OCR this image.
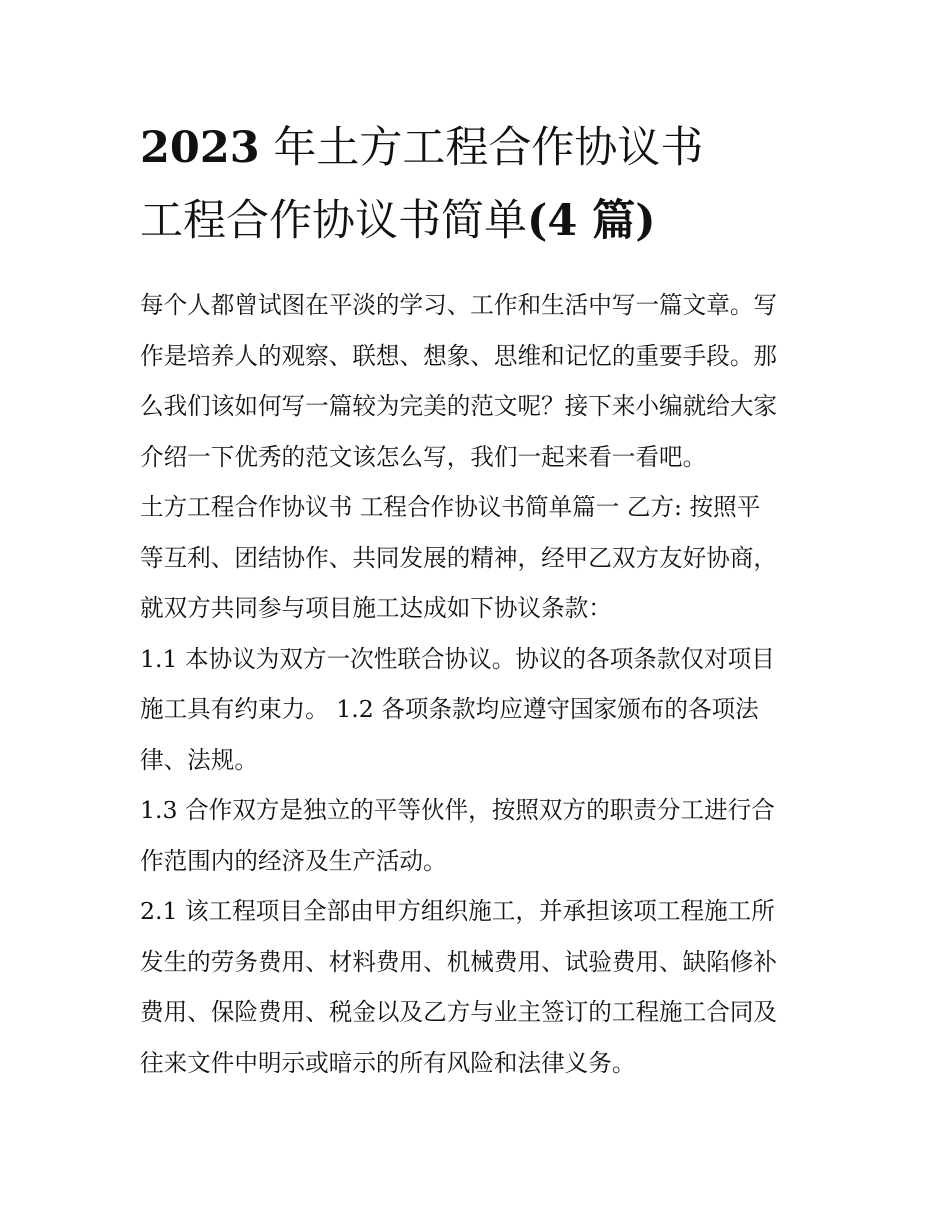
2023 年土方工程合作协议书
工程合作协议书简单(4 篇)

每个人都曾试图在平淡的学习、工作和生活中写一篇文章。写
作是培养人的观察、联想、想象、思维和记忆的重要手段。那
么我们该如何写一篇较为完美的范文呢？接下来小编就给大家
介绍一下优秀的范文该怎么写，我们一起来看一看吧。

土方工程合作协议书 工程合作协议书简单篇一 乙方: 按照平
等互利、团结协作、共同发展的精神，经甲乙双方友好协商，
就双方共同参与项目施工达成如下协议条款：

1.1 本协议为双方一次性联合协议。协议的各项条款仅对项目
施工具有约束力。 1.2 各项条款均应遵守国家颁布的各项法
律、法规。

1.3 合作双方是独立的平等伙伴，按照双方的职责分工进行合
作范围内的经济及生产活动。

2.1 该工程项目全部由甲方组织施工，并承担该项工程施工所
发生的劳务费用、材料费用、机械费用、试验费用、缺陷修补
费用、保险费用、税金以及乙方与业主签订的工程施工合同及
往来文件中明示或暗示的所有风险和法律义务。
